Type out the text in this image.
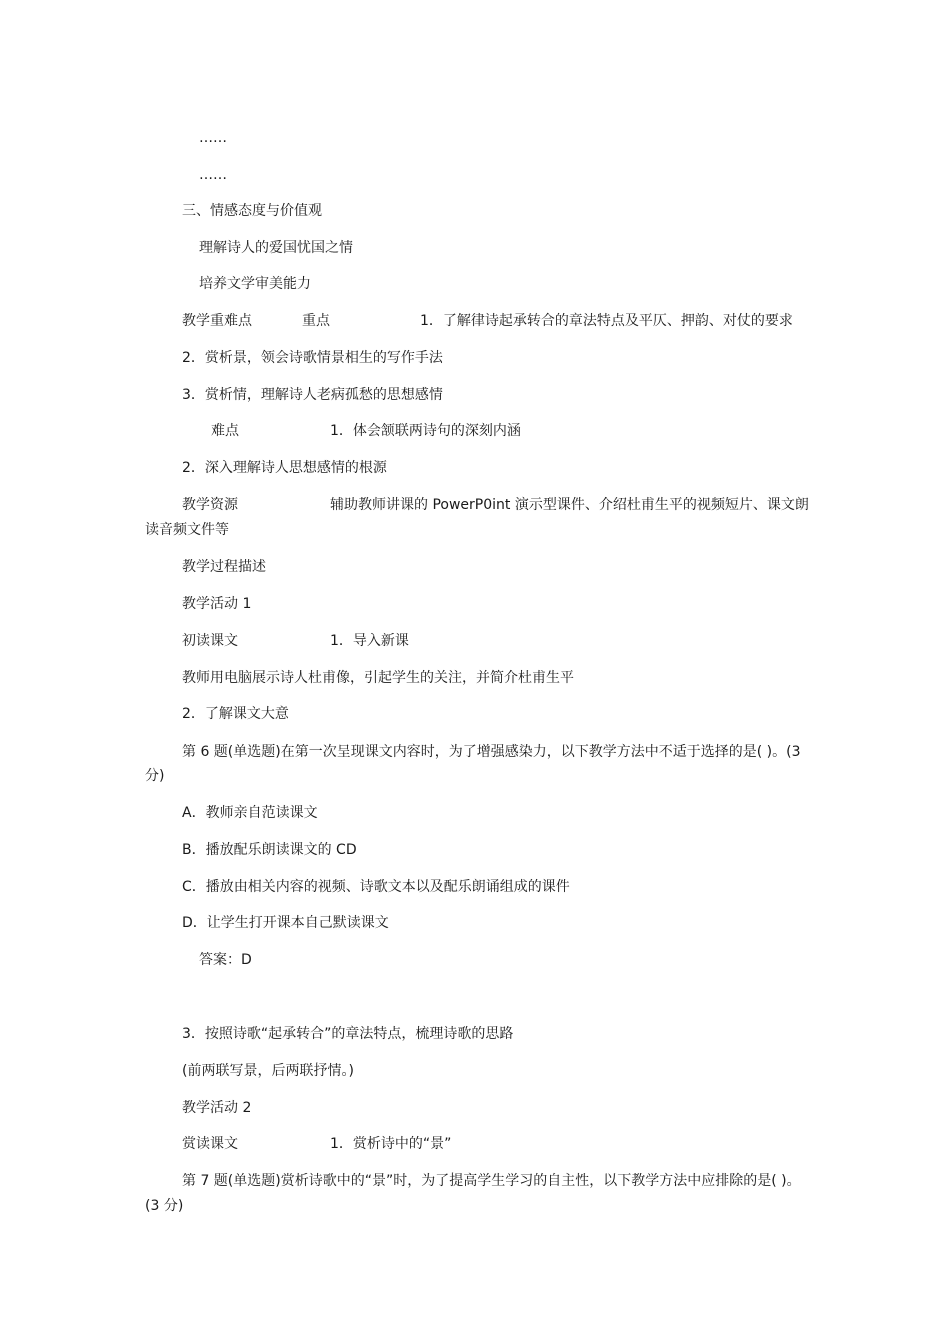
……
……
三、情感态度与价值观
理解诗人的爱国忧国之情
培养文学审美能力
教学重难点	重点	1．了解律诗起承转合的章法特点及平仄、押韵、对仗的要求
2．赏析景，领会诗歌情景相生的写作手法
3．赏析情，理解诗人老病孤愁的思想感情
难点	1．体会颔联两诗句的深刻内涵
2．深入理解诗人思想感情的根源
教学资源	辅助教师讲课的 PowerP0int 演示型课件、介绍杜甫生平的视频短片、课文朗
读音频文件等
教学过程描述
教学活动 1
初读课文	1．导入新课
教师用电脑展示诗人杜甫像，引起学生的关注，并简介杜甫生平
2．了解课文大意
第 6 题(单选题)在第一次呈现课文内容时，为了增强感染力，以下教学方法中不适于选择的是( )。(3
分)
A．教师亲自范读课文
B．播放配乐朗读课文的 CD
C．播放由相关内容的视频、诗歌文本以及配乐朗诵组成的课件
D．让学生打开课本自己默读课文
答案：D
3．按照诗歌“起承转合”的章法特点，梳理诗歌的思路
(前两联写景，后两联抒情。)
教学活动 2
赏读课文	1．赏析诗中的“景”
第 7 题(单选题)赏析诗歌中的“景”时，为了提高学生学习的自主性，以下教学方法中应排除的是( )。
(3 分)
